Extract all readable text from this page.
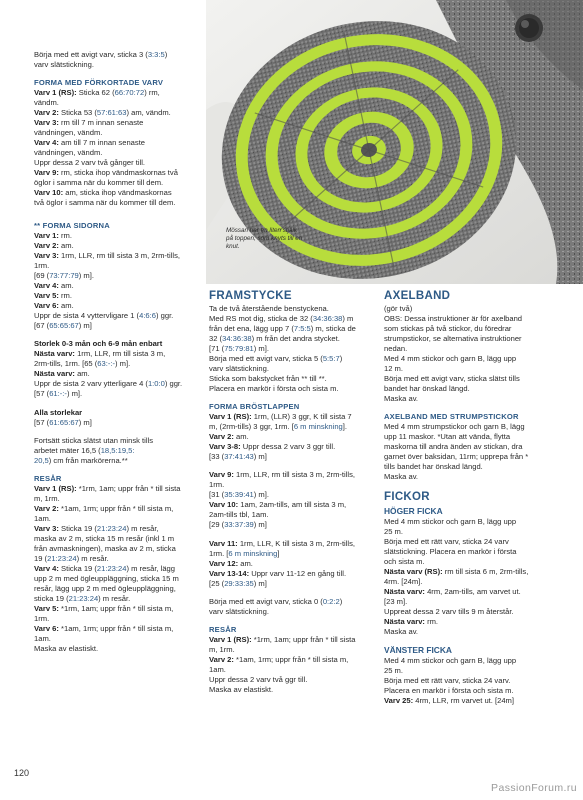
Börja med ett avigt varv, sticka 3 (3:3:5)

varv slätstickning.

FORMA MED FÖRKORTADE VARV

Varv 1 (RS): Sticka 62 (66:70:72) rm,

vändm.

Varv 2: Sticka 53 (57:61:63) am, vändm.

Varv 3: rm till 7 m innan senaste

vändningen, vändm.

Varv 4: am till 7 m innan senaste

vändningen, vändm.

Uppr dessa 2 varv två gånger till.

Varv 9: rm, sticka ihop vändmaskornas två

öglor i samma när du kommer till dem.

Varv 10: am, sticka ihop vändmaskornas

två öglor i samma när du kommer till dem.

** FORMA SIDORNA

Varv 1: rm.

Varv 2: am.

Varv 3: 1rm, LLR, rm till sista 3 m, 2rm-tills,

1rm.

[69 (73:77:79) m].

Varv 4: am.

Varv 5: rm.

Varv 6: am.

Uppr de sista 4 vyttervligare 1 (4:6:6) ggr.

[67 (65:65:67) m]

Storlek 0-3 mån och 6-9 mån enbart

Nästa varv: 1rm, LLR, rm till sista 3 m,

2rm-tills, 1rm. [65 (63:-:-) m].

Nästa varv: am.

Uppr de sista 2 varv ytterligare 4 (1:0:0) ggr.

[57 (61:-:-) m].

Alla storlekar

[57 (61:65:67) m]

Fortsätt sticka slätst utan minsk tills

arbetet mäter 16,5 (18,5:19,5:

20,5) cm från markörerna.**

RESÅR

Varv 1 (RS): *1rm, 1am; uppr från * till sista

m, 1rm.

Varv 2: *1am, 1rm; uppr från * till sista m,

1am.

Varv 3: Sticka 19 (21:23:24) m resår,

maska av 2 m, sticka 15 m resår (inkl 1 m

från avmaskningen), maska av 2 m, sticka

19 (21:23:24) m resår.

Varv 4: Sticka 19 (21:23:24) m resår, lägg

upp 2 m med ögleuppläggning, sticka 15 m

resår, lägg upp 2 m med ögleuppläggning,

sticka 19 (21:23:24) m resår.

Varv 5: *1rm, 1am; uppr från * till sista m,

1rm.

Varv 6: *1am, 1rm; uppr från * till sista m,

1am.

Maska av elastiskt.

Mössan har en liten stjälk på toppen, som knyts till en knut.
FRAMSTYCKE

Ta de två återstående benstyckena.

Med RS mot dig, sticka de 32 (34:36:38) m

från det ena, lägg upp 7 (7:5:5) m, sticka de

32 (34:36:38) m från det andra stycket.

[71 (75:79:81) m].

Börja med ett avigt varv, sticka 5 (5:5:7)

varv slätstickning.

Sticka som bakstycket från ** till **.

Placera en markör i första och sista m.

FORMA BRÖSTLAPPEN

Varv 1 (RS): 1rm, (LLR) 3 ggr, K till sista 7

m, (2rm-tills) 3 ggr, 1rm. [6 m minskning].

Varv 2: am.

Varv 3-8: Uppr dessa 2 varv 3 ggr till.

[33 (37:41:43) m]

Varv 9: 1rm, LLR, rm till sista 3 m, 2rm-tills,

1rm.

[31 (35:39:41) m].

Varv 10: 1am, 2am-tills, am till sista 3 m,

2am-tills tbl, 1am.

[29 (33:37:39) m]

Varv 11: 1rm, LLR, K till sista 3 m, 2rm-tills,

1rm. [6 m minskning]

Varv 12: am.

Varv 13-14: Uppr varv 11-12 en gång till.

[25 (29:33:35) m]

Börja med ett avigt varv, sticka 0 (0:2:2)

varv slätstickning.

RESÅR

Varv 1 (RS): *1rm, 1am; uppr från * till sista

m, 1rm.

Varv 2: *1am, 1rm; uppr från * till sista m,

1am.

Uppr dessa 2 varv två ggr till.

Maska av elastiskt.

AXELBAND

(gör två)

OBS: Dessa instruktioner är för axelband

som stickas på två stickor, du föredrar

strumpstickor, se alternativa instruktioner

nedan.

Med 4 mm stickor och garn B, lägg upp

12 m.

Börja med ett avigt varv, sticka slätst tills

bandet har önskad längd.

Maska av.

AXELBAND MED STRUMPSTICKOR

Med 4 mm strumpstickor och garn B, lägg

upp 11 maskor. *Utan att vända, flytta

maskorna till andra änden av stickan, dra

garnet över baksidan, 11rm; upprepa från *

tills bandet har önskad längd.

Maska av.

FICKOR
HÖGER FICKA

Med 4 mm stickor och garn B, lägg upp

25 m.

Börja med ett rätt varv, sticka 24 varv

slätstickning. Placera en markör i första

och sista m.

Nästa varv (RS): rm till sista 6 m, 2rm-tills,

4rm. [24m].

Nästa varv: 4rm, 2am-tills, am varvet ut.

[23 m].

Uppreat dessa 2 varv tills 9 m återstår.

Nästa varv: rm.

Maska av.

VÄNSTER FICKA

Med 4 mm stickor och garn B, lägg upp

25 m.

Börja med ett rätt varv, sticka 24 varv.

Placera en markör i första och sista m.

Varv 25: 4rm, LLR, rm varvet ut. [24m]

120
PassionForum.ru
